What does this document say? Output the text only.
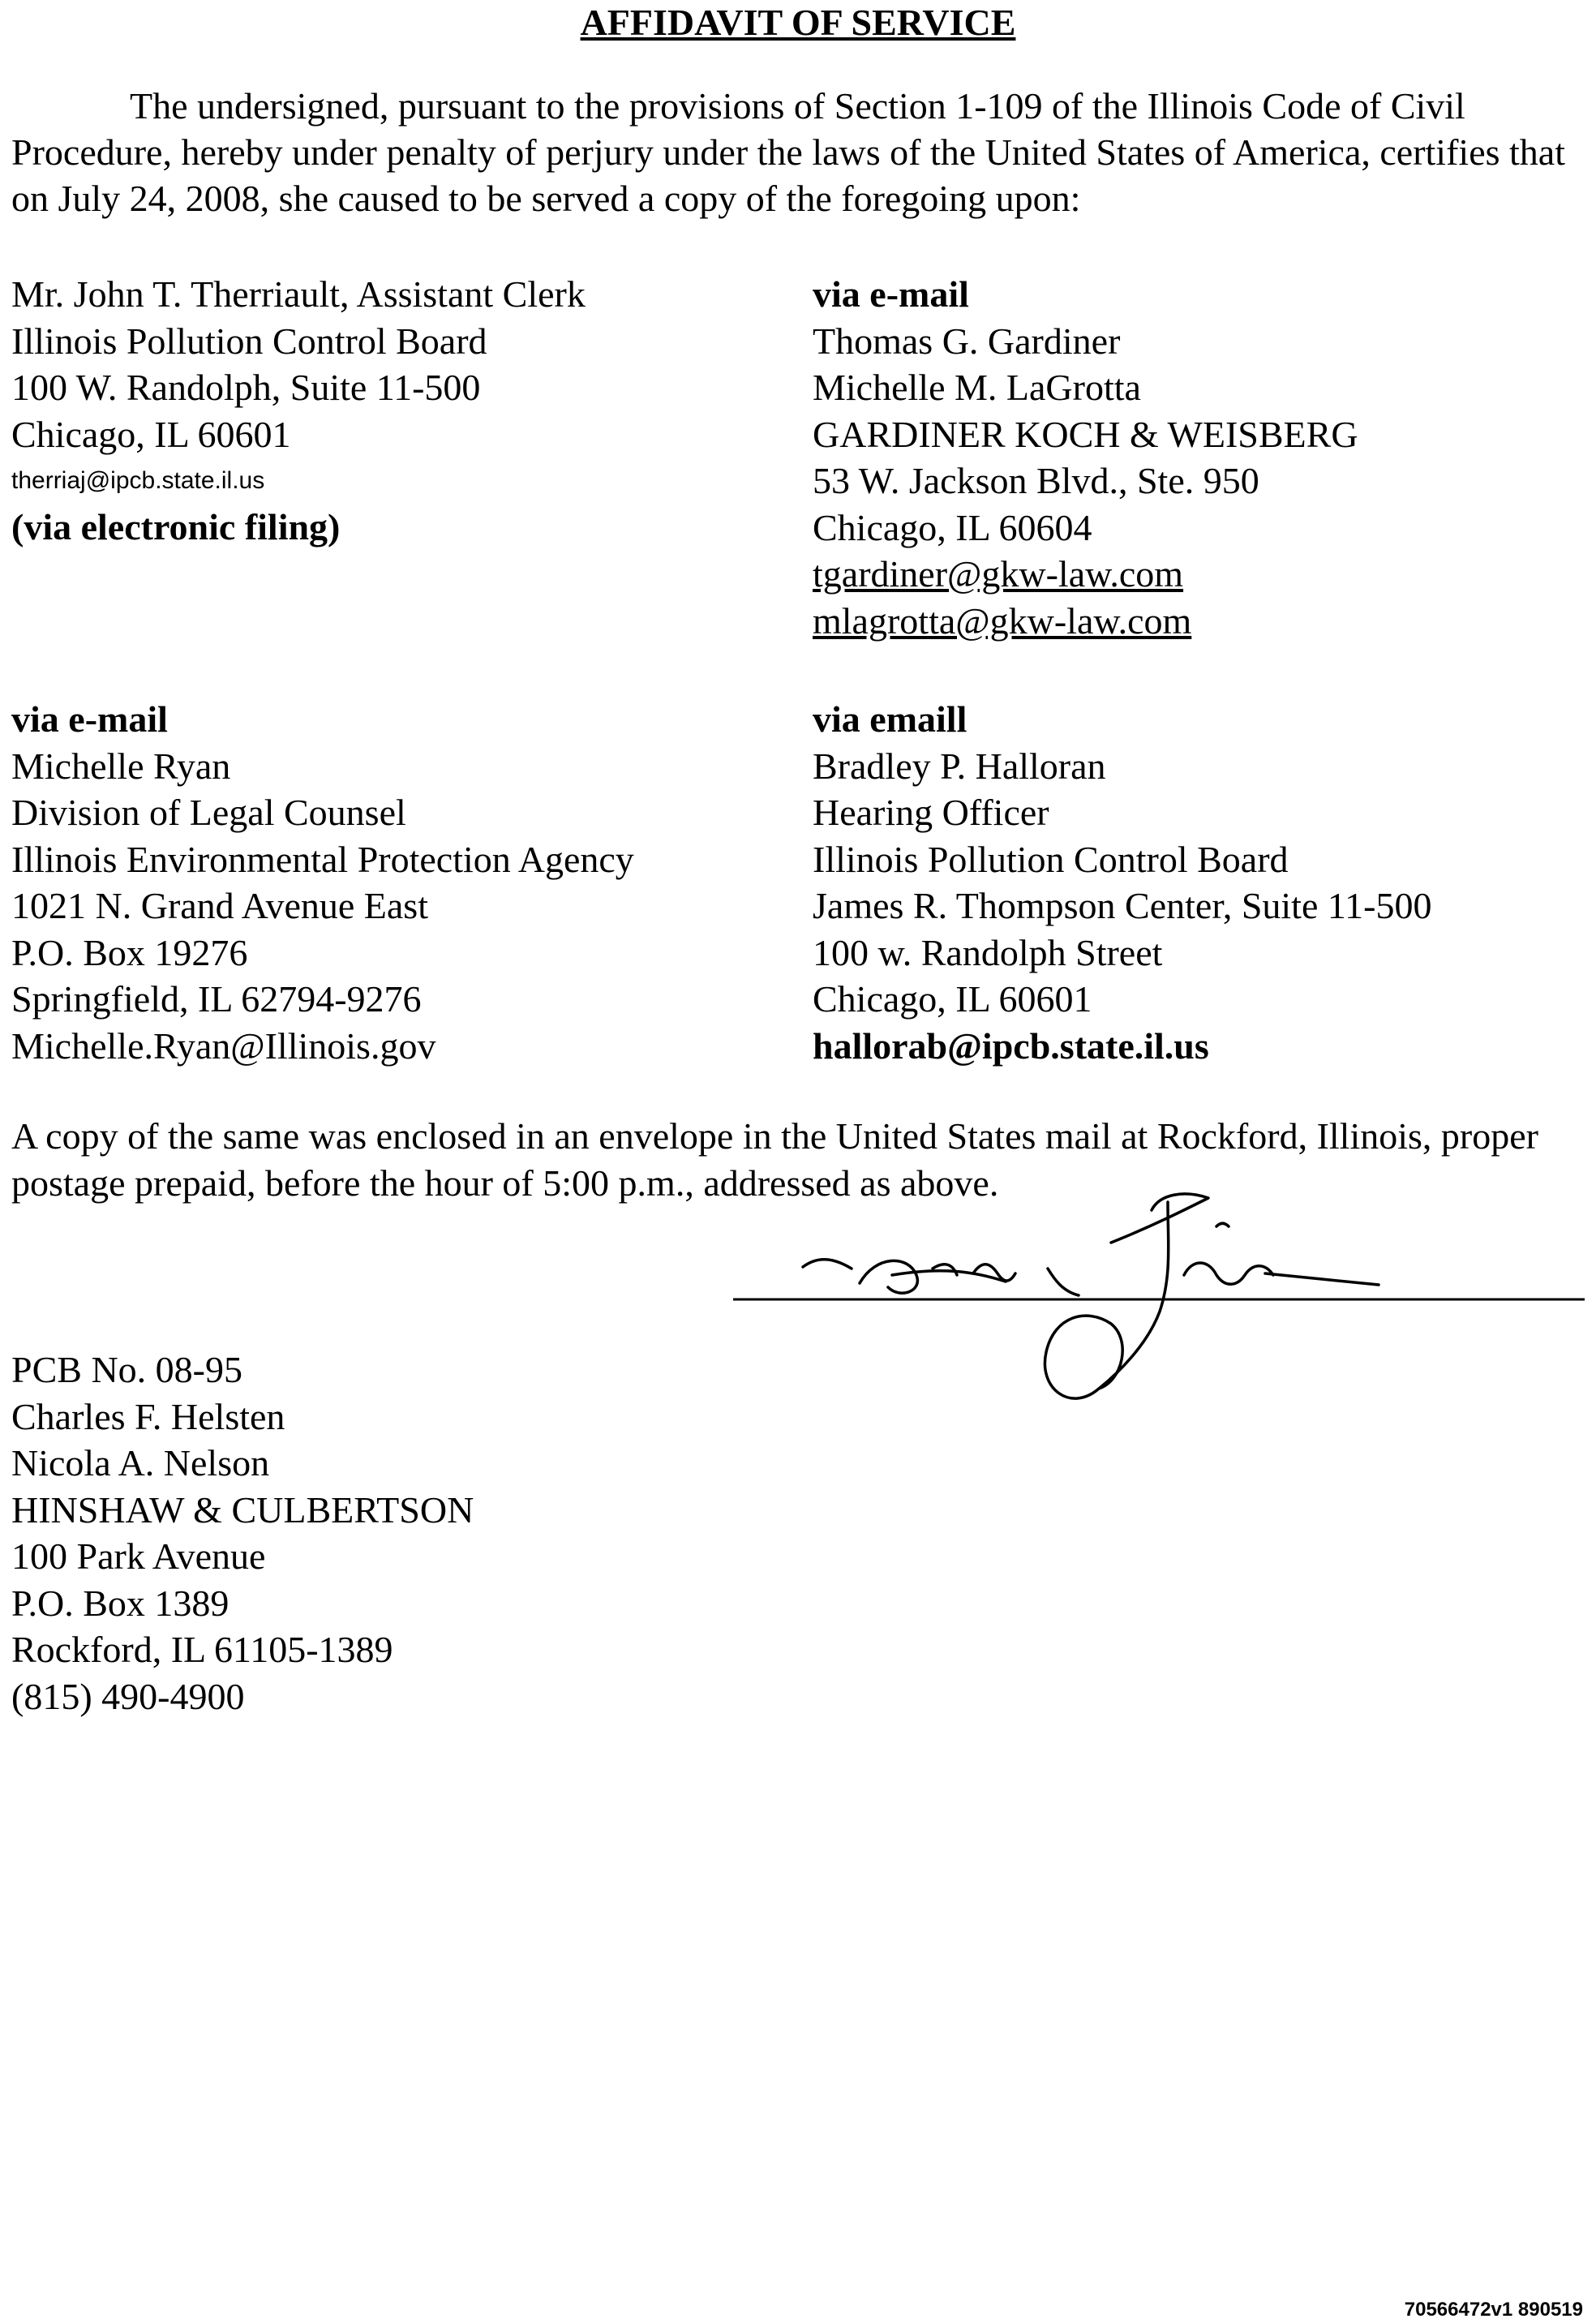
AFFIDAVIT OF SERVICE

The undersigned, pursuant to the provisions of Section 1-109 of the Illinois Code of Civil Procedure, hereby under penalty of perjury under the laws of the United States of America, certifies that on July 24, 2008, she caused to be served a copy of the foregoing upon:

Mr. John T. Therriault, Assistant Clerk
Illinois Pollution Control Board
100 W. Randolph, Suite 11-500
Chicago, IL 60601
therriaj@ipcb.state.il.us
(via electronic filing)
via e-mail
Thomas G. Gardiner
Michelle M. LaGrotta
GARDINER KOCH & WEISBERG
53 W. Jackson Blvd., Ste. 950
Chicago, IL 60604
tgardiner@gkw-law.com
mlagrotta@gkw-law.com
via e-mail
Michelle Ryan
Division of Legal Counsel
Illinois Environmental Protection Agency
1021 N. Grand Avenue East
P.O. Box 19276
Springfield, IL 62794-9276
Michelle.Ryan@Illinois.gov
via emaill
Bradley P. Halloran
Hearing Officer
Illinois Pollution Control Board
James R. Thompson Center, Suite 11-500
100 w. Randolph Street
Chicago, IL 60601
hallorab@ipcb.state.il.us

A copy of the same was enclosed in an envelope in the United States mail at Rockford, Illinois, proper postage prepaid, before the hour of 5:00 p.m., addressed as above.

PCB No. 08-95
Charles F. Helsten
Nicola A. Nelson
HINSHAW & CULBERTSON
100 Park Avenue
P.O. Box 1389
Rockford, IL 61105-1389
(815) 490-4900
70566472v1 890519
